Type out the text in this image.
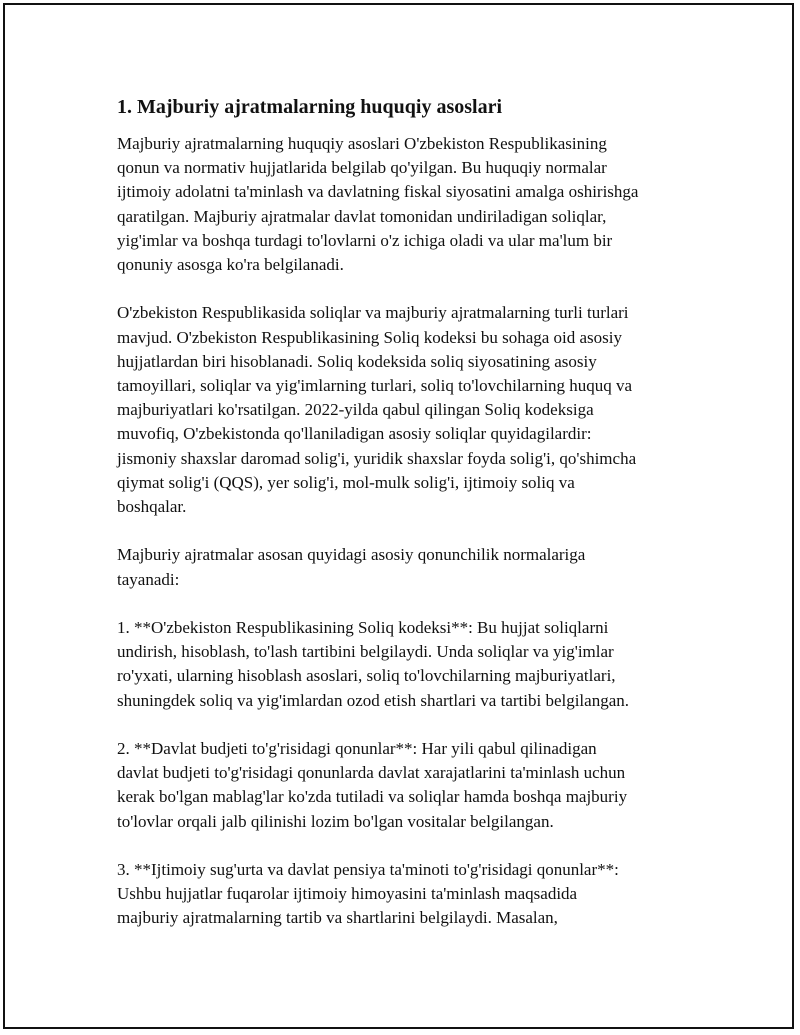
1. Majburiy ajratmalarning huquqiy asoslari

Majburiy ajratmalarning huquqiy asoslari O'zbekiston Respublikasining
qonun va normativ hujjatlarida belgilab qo'yilgan. Bu huquqiy normalar
ijtimoiy adolatni ta'minlash va davlatning fiskal siyosatini amalga oshirishga
qaratilgan. Majburiy ajratmalar davlat tomonidan undiriladigan soliqlar,
yig'imlar va boshqa turdagi to'lovlarni o'z ichiga oladi va ular ma'lum bir
qonuniy asosga ko'ra belgilanadi.

O'zbekiston Respublikasida soliqlar va majburiy ajratmalarning turli turlari
mavjud. O'zbekiston Respublikasining Soliq kodeksi bu sohaga oid asosiy
hujjatlardan biri hisoblanadi. Soliq kodeksida soliq siyosatining asosiy
tamoyillari, soliqlar va yig'imlarning turlari, soliq to'lovchilarning huquq va
majburiyatlari ko'rsatilgan. 2022-yilda qabul qilingan Soliq kodeksiga
muvofiq, O'zbekistonda qo'llaniladigan asosiy soliqlar quyidagilardir:
jismoniy shaxslar daromad solig'i, yuridik shaxslar foyda solig'i, qo'shimcha
qiymat solig'i (QQS), yer solig'i, mol-mulk solig'i, ijtimoiy soliq va
boshqalar.

Majburiy ajratmalar asosan quyidagi asosiy qonunchilik normalariga
tayanadi:

1. **O'zbekiston Respublikasining Soliq kodeksi**: Bu hujjat soliqlarni
undirish, hisoblash, to'lash tartibini belgilaydi. Unda soliqlar va yig'imlar
ro'yxati, ularning hisoblash asoslari, soliq to'lovchilarning majburiyatlari,
shuningdek soliq va yig'imlardan ozod etish shartlari va tartibi belgilangan.

2. **Davlat budjeti to'g'risidagi qonunlar**: Har yili qabul qilinadigan
davlat budjeti to'g'risidagi qonunlarda davlat xarajatlarini ta'minlash uchun
kerak bo'lgan mablag'lar ko'zda tutiladi va soliqlar hamda boshqa majburiy
to'lovlar orqali jalb qilinishi lozim bo'lgan vositalar belgilangan.

3. **Ijtimoiy sug'urta va davlat pensiya ta'minoti to'g'risidagi qonunlar**:
Ushbu hujjatlar fuqarolar ijtimoiy himoyasini ta'minlash maqsadida
majburiy ajratmalarning tartib va shartlarini belgilaydi. Masalan,
